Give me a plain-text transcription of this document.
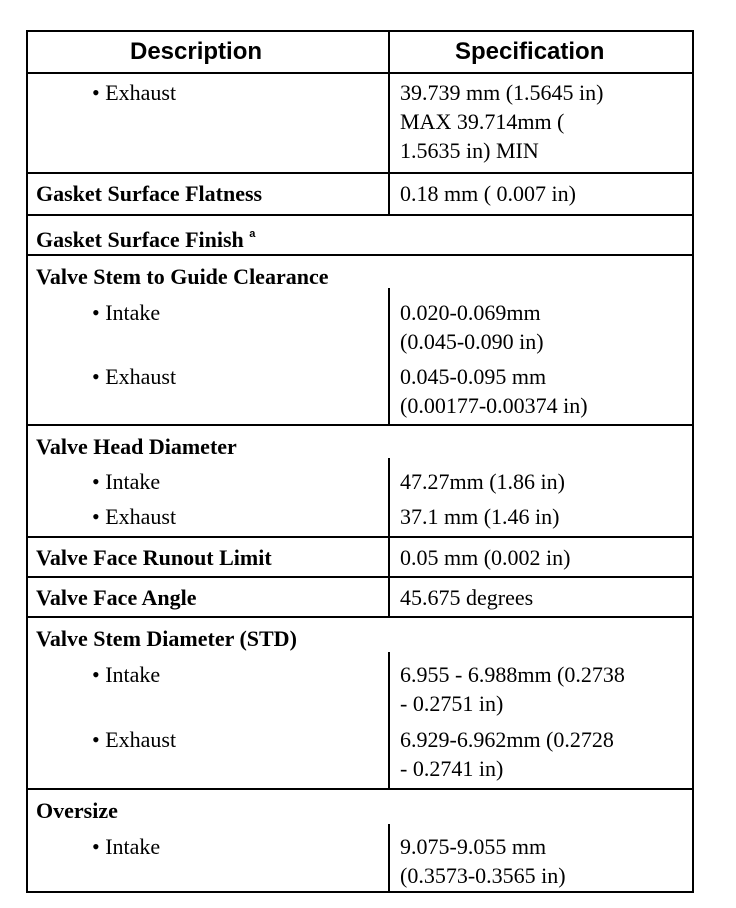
Description	Specification
• Exhaust	39.739 mm (1.5645 in)
MAX 39.714mm (
1.5635 in) MIN
Gasket Surface Flatness	0.18 mm ( 0.007 in)
Gasket Surface Finish $^a$
Valve Stem to Guide Clearance
• Intake	0.020-0.069mm
(0.045-0.090 in)
• Exhaust	0.045-0.095 mm
(0.00177-0.00374 in)
Valve Head Diameter
• Intake	47.27mm (1.86 in)
• Exhaust	37.1 mm (1.46 in)
Valve Face Runout Limit	0.05 mm (0.002 in)
Valve Face Angle	45.675 degrees
Valve Stem Diameter (STD)
• Intake	6.955 - 6.988mm (0.2738
- 0.2751 in)
• Exhaust	6.929-6.962mm (0.2728
- 0.2741 in)
Oversize
• Intake	9.075-9.055 mm
(0.3573-0.3565 in)
